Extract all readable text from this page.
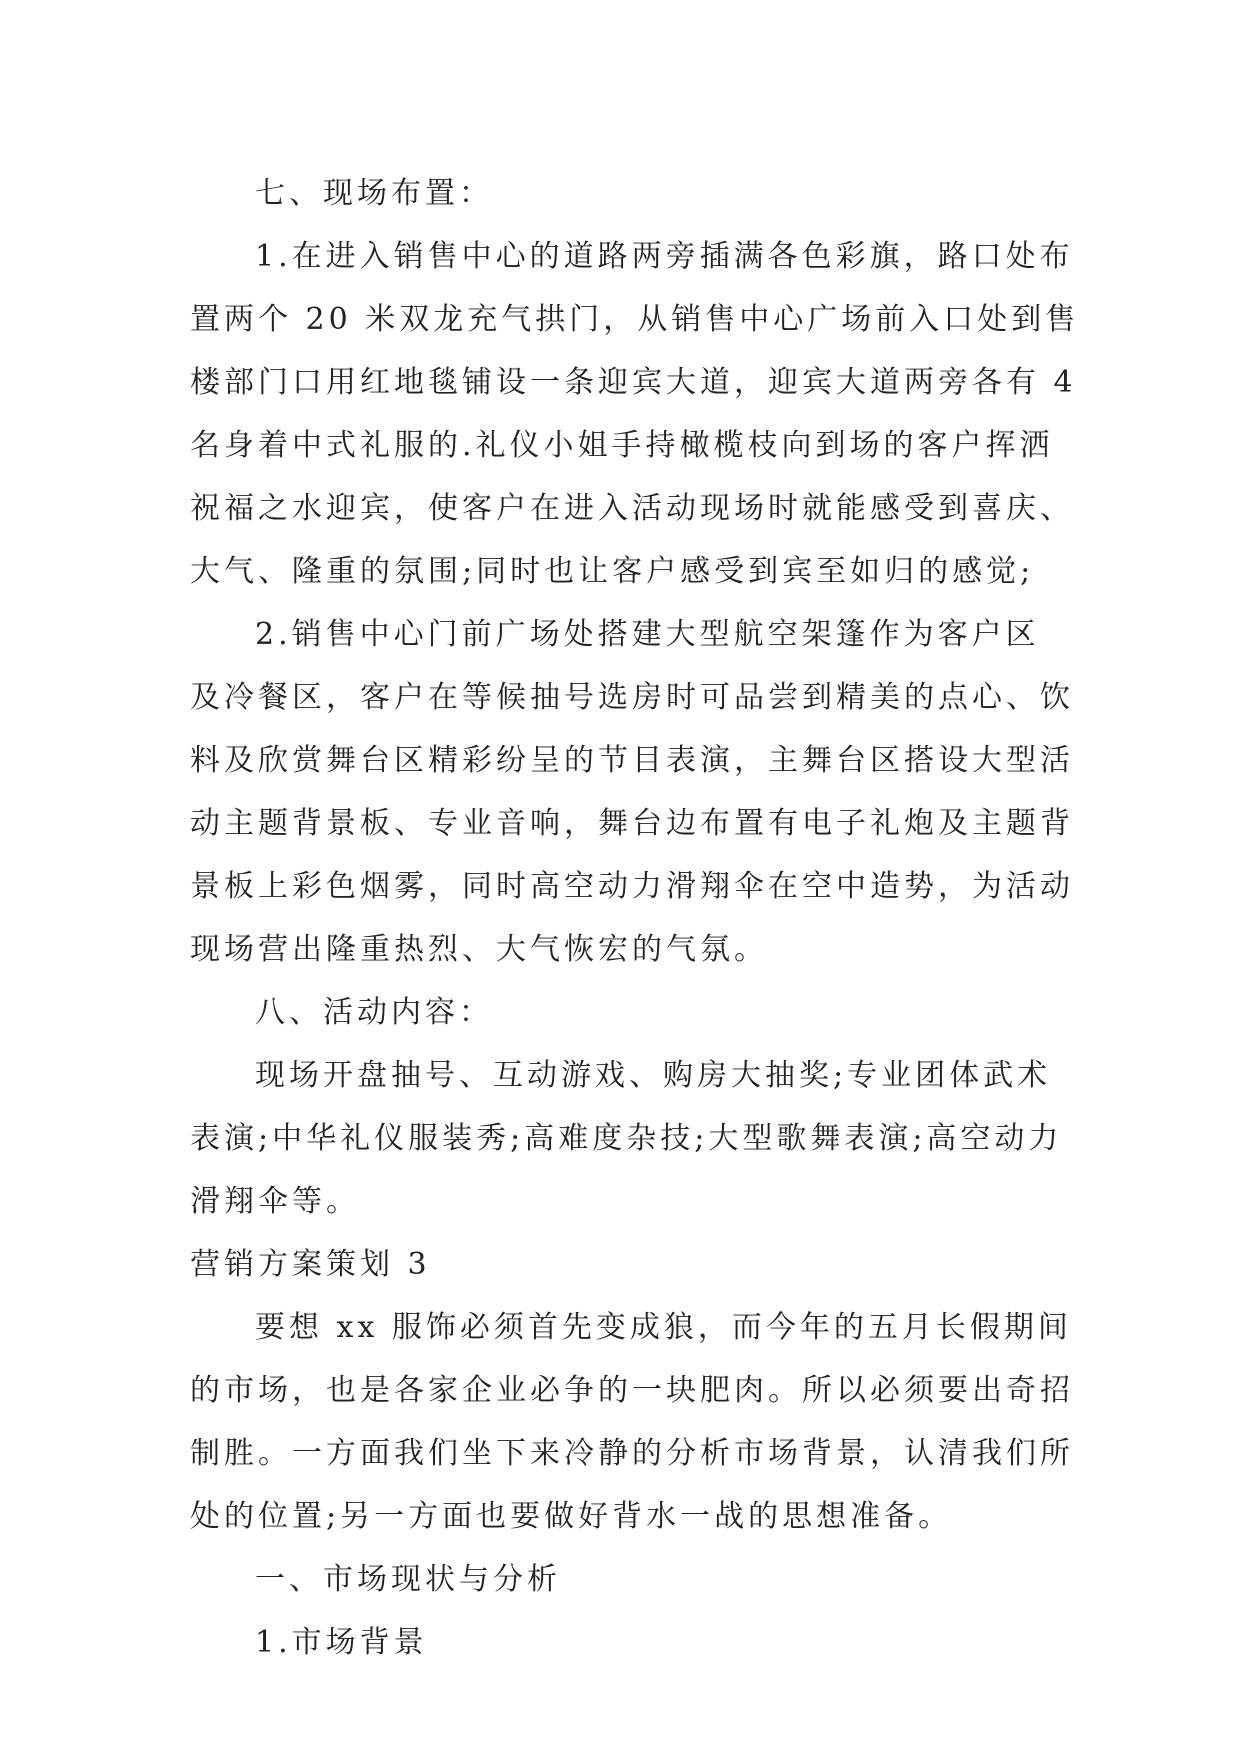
七、现场布置：

1.在进入销售中心的道路两旁插满各色彩旗，路口处布

置两个 20 米双龙充气拱门，从销售中心广场前入口处到售

楼部门口用红地毯铺设一条迎宾大道，迎宾大道两旁各有 4

名身着中式礼服的.礼仪小姐手持橄榄枝向到场的客户挥洒

祝福之水迎宾，使客户在进入活动现场时就能感受到喜庆、

大气、隆重的氛围;同时也让客户感受到宾至如归的感觉;

2.销售中心门前广场处搭建大型航空架篷作为客户区

及冷餐区，客户在等候抽号选房时可品尝到精美的点心、饮

料及欣赏舞台区精彩纷呈的节目表演，主舞台区搭设大型活

动主题背景板、专业音响，舞台边布置有电子礼炮及主题背

景板上彩色烟雾，同时高空动力滑翔伞在空中造势，为活动

现场营出隆重热烈、大气恢宏的气氛。

八、活动内容：

现场开盘抽号、互动游戏、购房大抽奖;专业团体武术

表演;中华礼仪服装秀;高难度杂技;大型歌舞表演;高空动力

滑翔伞等。

营销方案策划 3

要想 xx 服饰必须首先变成狼，而今年的五月长假期间

的市场，也是各家企业必争的一块肥肉。所以必须要出奇招

制胜。一方面我们坐下来冷静的分析市场背景，认清我们所

处的位置;另一方面也要做好背水一战的思想准备。

一、市场现状与分析

1.市场背景
